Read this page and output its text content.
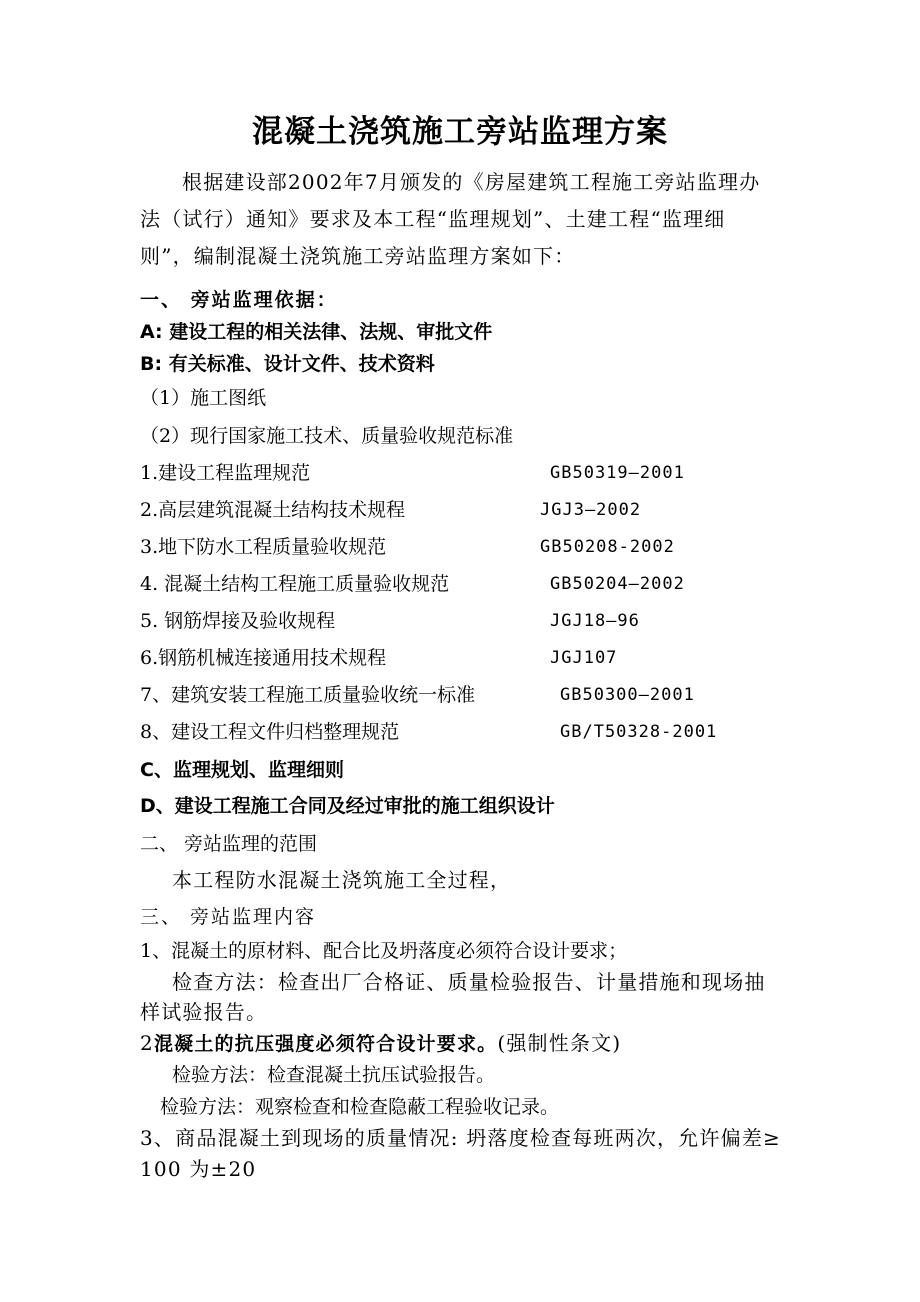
混凝土浇筑施工旁站监理方案

根据建设部2002年7月颁发的《房屋建筑工程施工旁站监理办

法（试行）通知》要求及本工程“监理规划”、土建工程“监理细

则”，编制混凝土浇筑施工旁站监理方案如下：

一、 旁站监理依据：

A: 建设工程的相关法律、法规、审批文件

B: 有关标准、设计文件、技术资料

（1）施工图纸

（2）现行国家施工技术、质量验收规范标准

1.建设工程监理规范	GB50319—2001

2.高层建筑混凝土结构技术规程	JGJ3—2002

3.地下防水工程质量验收规范	GB50208-2002

4. 混凝土结构工程施工质量验收规范	GB50204—2002

5. 钢筋焊接及验收规程	JGJ18—96

6.钢筋机械连接通用技术规程	JGJ107

7、建筑安装工程施工质量验收统一标准	GB50300—2001

8、建设工程文件归档整理规范	GB/T50328-2001

C、监理规划、监理细则

D、建设工程施工合同及经过审批的施工组织设计

二、 旁站监理的范围

本工程防水混凝土浇筑施工全过程，

三、 旁站监理内容

1、混凝土的原材料、配合比及坍落度必须符合设计要求；

检查方法：检查出厂合格证、质量检验报告、计量措施和现场抽

样试验报告。

2混凝土的抗压强度必须符合设计要求。(强制性条文)

检验方法：检查混凝土抗压试验报告。

检验方法：观察检查和检查隐蔽工程验收记录。

3、商品混凝土到现场的质量情况: 坍落度检查每班两次，允许偏差≥

100 为±20
